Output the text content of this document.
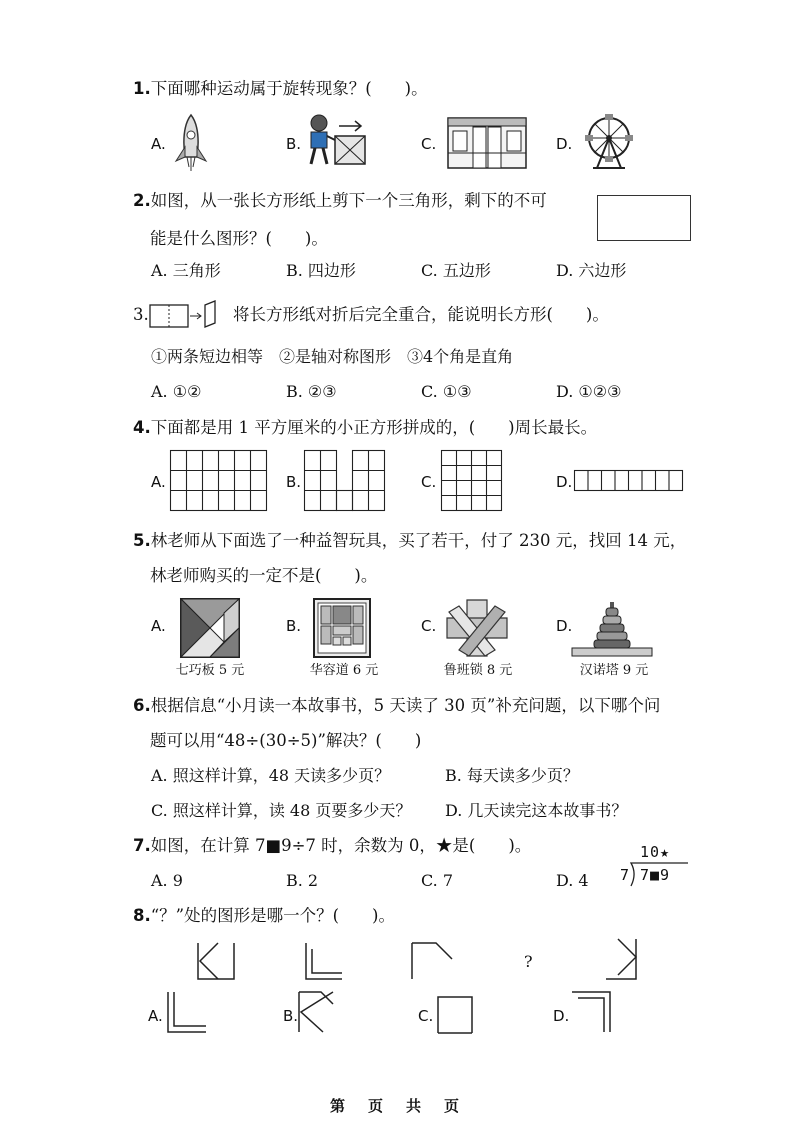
1.下面哪种运动属于旋转现象？(　　)。
A.	B.	C.	D.
2.如图，从一张长方形纸上剪下一个三角形，剩下的不可
能是什么图形？(　　)。
A. 三角形	B. 四边形	C. 五边形	D. 六边形
3.	将长方形纸对折后完全重合，能说明长方形(　　)。
①两条短边相等　②是轴对称图形　③4个角是直角
A. ①②	B. ②③	C. ①③	D. ①②③
4.下面都是用 1 平方厘米的小正方形拼成的，(　　)周长最长。
A.	B.	C.	D.
5.林老师从下面选了一种益智玩具，买了若干，付了 230 元，找回 14 元，
林老师购买的一定不是(　　)。
A.	B.	C.	D.
七巧板 5 元	华容道 6 元	鲁班锁 8 元	汉诺塔 9 元
6.根据信息“小月读一本故事书，5 天读了 30 页”补充问题，以下哪个问
题可以用“48÷(30÷5)”解决？(　　)
A. 照这样计算，48 天读多少页？	B. 每天读多少页？
C. 照这样计算，读 48 页要多少天？ D. 几天读完这本故事书？
7.如图，在计算 7■9÷7 时，余数为 0，★是(　　)。
A. 9	B. 2	C. 7	D. 4
10★
7 7■9
8.“？”处的图形是哪一个？(　　)。
?
A.	B.	C.	D.
第　页　共　页
